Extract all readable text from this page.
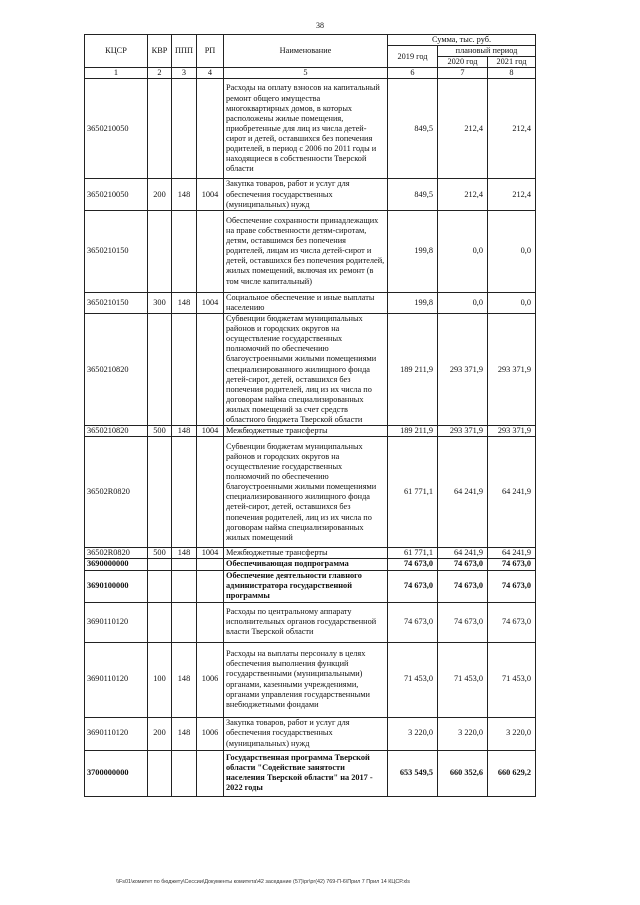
38
КЦСР	КВР	ППП	РП	Наименование	Сумма, тыс. руб.		
					2019 год	плановый период	
						2020 год	2021 год
1	2	3	4	5	6	7	8
3650210050				Расходы на оплату взносов на капитальный ремонт общего имущества многоквартирных домов, в которых расположены жилые помещения, приобретенные для лиц из числа детей-сирот и детей, оставшихся без попечения родителей, в период с 2006 по 2011 годы и находящиеся в собственности Тверской области	849,5	212,4	212,4
3650210050	200	148	1004	Закупка товаров, работ и услуг для обеспечения государственных (муниципальных) нужд	849,5	212,4	212,4
3650210150				Обеспечение сохранности принадлежащих на праве собственности детям-сиротам, детям, оставшимся без попечения родителей, лицам из числа детей-сирот и детей, оставшихся без попечения родителей, жилых помещений, включая их ремонт (в том числе капитальный)	199,8	0,0	0,0
3650210150	300	148	1004	Социальное обеспечение и иные выплаты населению	199,8	0,0	0,0
3650210820				Субвенции бюджетам муниципальных районов и городских округов на осуществление государственных полномочий по обеспечению благоустроенными жилыми помещениями специализированного жилищного фонда детей-сирот, детей, оставшихся без попечения родителей, лиц из их числа по договорам найма специализированных жилых помещений за счет средств областного бюджета Тверской области	189 211,9	293 371,9	293 371,9
3650210820	500	148	1004	Межбюджетные трансферты	189 211,9	293 371,9	293 371,9
36502R0820				Субвенции бюджетам муниципальных районов и городских округов на осуществление государственных полномочий по обеспечению благоустроенными жилыми помещениями специализированного жилищного фонда детей-сирот, детей, оставшихся без попечения родителей, лиц из их числа по договорам найма специализированных жилых помещений	61 771,1	64 241,9	64 241,9
36502R0820	500	148	1004	Межбюджетные трансферты	61 771,1	64 241,9	64 241,9
3690000000				Обеспечивающая подпрограмма	74 673,0	74 673,0	74 673,0
3690100000				Обеспечение деятельности главного администратора государственной программы	74 673,0	74 673,0	74 673,0
3690110120				Расходы по центральному аппарату исполнительных органов государственной власти Тверской области	74 673,0	74 673,0	74 673,0
3690110120	100	148	1006	Расходы на выплаты персоналу в целях обеспечения выполнения функций государственными (муниципальными) органами, казенными учреждениями, органами управления государственными внебюджетными фондами	71 453,0	71 453,0	71 453,0
3690110120	200	148	1006	Закупка товаров, работ и услуг для обеспечения государственных (муниципальных) нужд	3 220,0	3 220,0	3 220,0
3700000000				Государственная программа Тверской области "Содействие занятости населения Тверской области" на 2017 - 2022 годы	653 549,5	660 352,6	660 629,2
\\Fs01\комитет по бюджету\Сессии\Документы комитета\42 заседание (57)\pr\pr(42) 769-П-6\Прил 7 Прил 14 КЦСР.xls
